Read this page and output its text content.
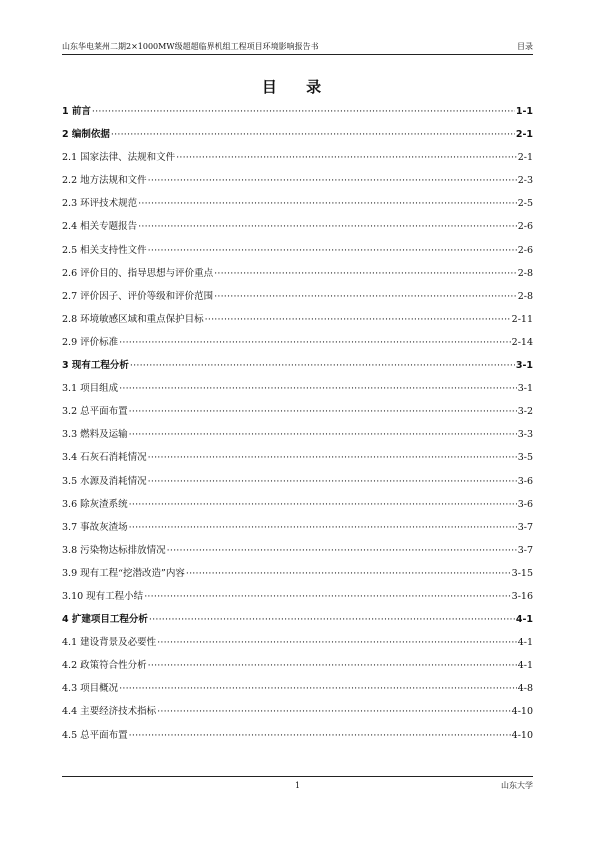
山东华电莱州二期2×1000MW级超超临界机组工程项目环境影响报告书	目录
目 录
1 前言 ·····	1-1
2 编制依据 ·····	2-1
2.1 国家法律、法规和文件 ·····	2-1
2.2 地方法规和文件 ·····	2-3
2.3 环评技术规范 ·····	2-5
2.4 相关专题报告 ·····	2-6
2.5 相关支持性文件 ·····	2-6
2.6 评价目的、指导思想与评价重点 ·····	2-8
2.7 评价因子、评价等级和评价范围 ·····	2-8
2.8 环境敏感区域和重点保护目标 ·····	2-11
2.9 评价标准 ·····	2-14
3 现有工程分析 ·····	3-1
3.1 项目组成 ·····	3-1
3.2 总平面布置 ·····	3-2
3.3 燃料及运输 ·····	3-3
3.4 石灰石消耗情况 ·····	3-5
3.5 水源及消耗情况 ·····	3-6
3.6 除灰渣系统 ·····	3-6
3.7 事故灰渣场 ·····	3-7
3.8 污染物达标排放情况 ·····	3-7
3.9 现有工程“挖潜改造”内容 ·····	3-15
3.10 现有工程小结 ·····	3-16
4 扩建项目工程分析 ·····	4-1
4.1 建设背景及必要性 ·····	4-1
4.2 政策符合性分析 ·····	4-1
4.3 项目概况 ·····	4-8
4.4 主要经济技术指标 ·····	4-10
4.5 总平面布置 ·····	4-10
1	山东大学
